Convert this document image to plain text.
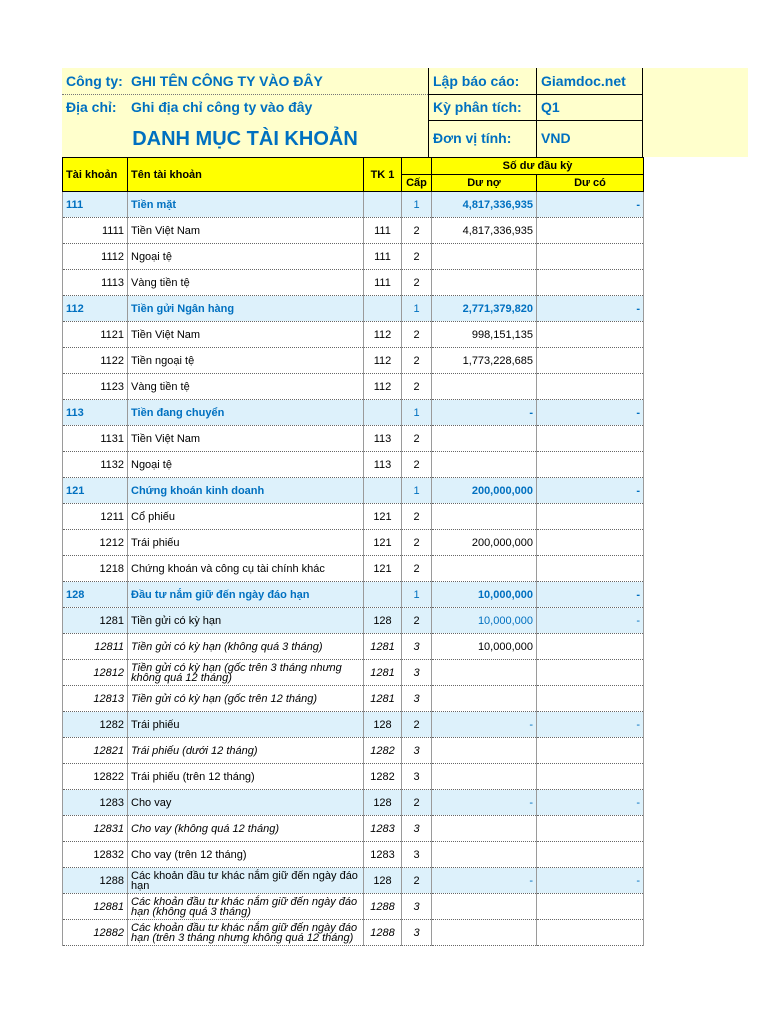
Công ty: GHI TÊN CÔNG TY VÀO ĐÂY
Địa chỉ: Ghi địa chỉ công ty vào đây
DANH MỤC TÀI KHOẢN
Lập báo cáo: Giamdoc.net
Kỳ phân tích: Q1
Đơn vị tính: VND
Tài khoản	Tên tài khoản	TK 1		Số dư đầu kỳ	
			Cấp	Dư nợ	Dư có
111	Tiền mặt		1	4,817,336,935	-
1111	Tiền Việt Nam	111	2	4,817,336,935	
1112	Ngoại tệ	111	2		
1113	Vàng tiền tệ	111	2		
112	Tiền gửi Ngân hàng		1	2,771,379,820	-
1121	Tiền Việt Nam	112	2	998,151,135	
1122	Tiền ngoại tệ	112	2	1,773,228,685	
1123	Vàng tiền tệ	112	2		
113	Tiền đang chuyển		1	-	-
1131	Tiền Việt Nam	113	2		
1132	Ngoại tệ	113	2		
121	Chứng khoán kinh doanh		1	200,000,000	-
1211	Cổ phiếu	121	2		
1212	Trái phiếu	121	2	200,000,000	
1218	Chứng khoán và công cụ tài chính khác	121	2		
128	Đầu tư nắm giữ đến ngày đáo hạn		1	10,000,000	-
1281	Tiền gửi có kỳ hạn	128	2	10,000,000	-
12811	Tiền gửi có kỳ hạn (không quá 3 tháng)	1281	3	10,000,000	
12812	Tiền gửi có kỳ hạn (gốc trên 3 tháng nhưng không quá 12 tháng)	1281	3		
12813	Tiền gửi có kỳ hạn (gốc trên 12 tháng)	1281	3		
1282	Trái phiếu	128	2	-	-
12821	Trái phiếu (dưới 12 tháng)	1282	3		
12822	Trái phiếu (trên 12 tháng)	1282	3		
1283	Cho vay	128	2	-	-
12831	Cho vay (không quá 12 tháng)	1283	3		
12832	Cho vay (trên 12 tháng)	1283	3		
1288	Các khoản đầu tư khác nắm giữ đến ngày đáo hạn	128	2	-	-
12881	Các khoản đầu tư khác nắm giữ đến ngày đáo hạn (không quá 3 tháng)	1288	3		
12882	Các khoản đầu tư khác nắm giữ đến ngày đáo hạn (trên 3 tháng nhưng không quá 12 tháng)	1288	3		
